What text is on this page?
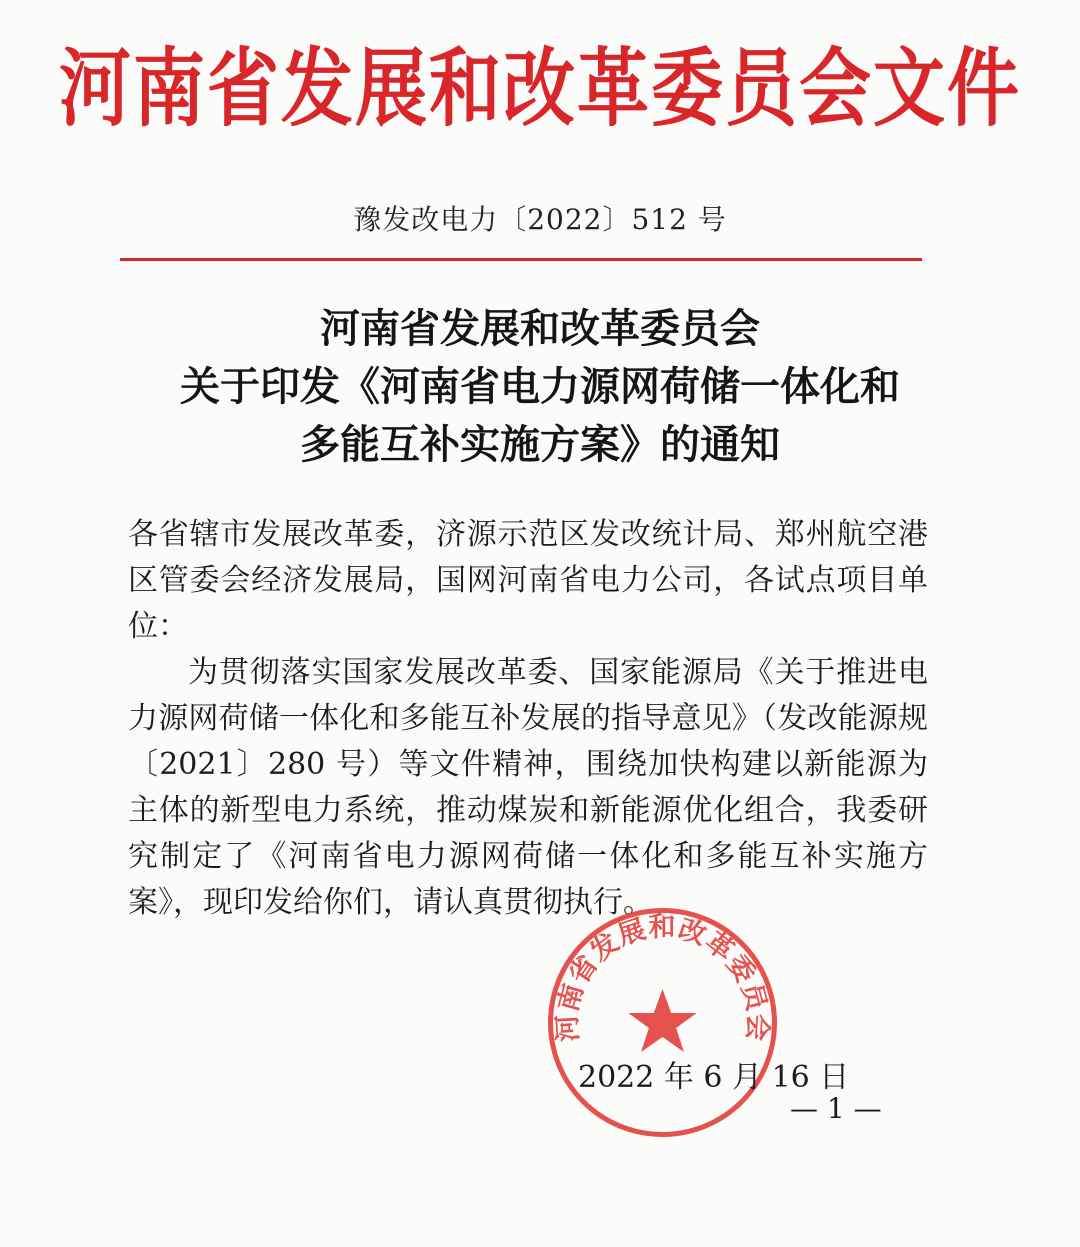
河南省发展和改革委员会文件
豫发改电力〔2022〕512 号
河南省发展和改革委员会
关于印发《河南省电力源网荷储一体化和
多能互补实施方案》的通知

各省辖市发展改革委，济源示范区发改统计局、郑州航空港区管委会经济发展局，国网河南省电力公司，各试点项目单位：

为贯彻落实国家发展改革委、国家能源局《关于推进电力源网荷储一体化和多能互补发展的指导意见》（发改能源规〔2021〕280 号）等文件精神，围绕加快构建以新能源为主体的新型电力系统，推动煤炭和新能源优化组合，我委研究制定了《河南省电力源网荷储一体化和多能互补实施方案》，现印发给你们，请认真贯彻执行。

河南省发展和改革委员会
2022 年 6 月 16 日
— 1 —
